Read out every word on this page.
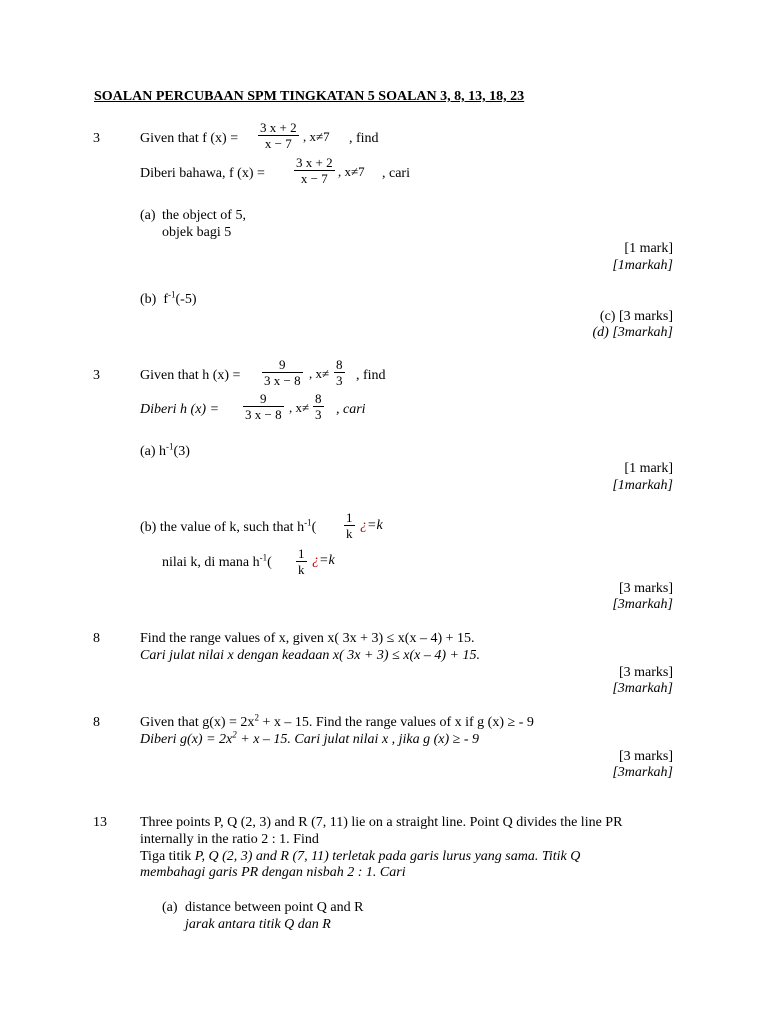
SOALAN PERCUBAAN SPM TINGKATAN 5 SOALAN 3, 8, 13, 18, 23
3	Given that f $(x) = \frac{3 x + 2}{x - 7}$ , x≠7 , find
Diberi bahawa, f $(x) = \frac{3 x + 2}{x - 7}$ , x≠7 , cari
(a) the object of 5,
objek bagi 5
[1 mark]
[1markah]
(b) $f^{-1}(-5)$
(c) [3 marks]
(d) [3markah]
3	Given that h $(x) = \frac{9}{3 x - 8}$ , $x\ne \frac{8}{3}$ , find
Diberi h $(x) = \frac{9}{3 x - 8}$ , $x\ne \frac{8}{3}$ , cari
(a) $h^{-1}(3)$
[1 mark]
[1markah]
(b) the value of k, such that $h^{-1}( \frac{1}{k}$ ¿=k
nilai k, di mana $h^{-1}( \frac{1}{k}$ ¿=k
[3 marks]
[3markah]
8	Find the range values of x, given x( 3x + 3) ≤ x(x – 4) + 15.
Cari julat nilai x dengan keadaan x( 3x + 3) ≤ x(x – 4) + 15.
[3 marks]
[3markah]
8	Given that $g(x) = 2x^2 + x - 15$. Find the range values of x if g (x) ≥ - 9
Diberi $g(x) = 2x^2 + x - 15$. Cari julat nilai x , jika g (x) ≥ - 9
[3 marks]
[3markah]
13 Three points P, Q (2, 3) and R (7, 11) lie on a straight line. Point Q divides the line PR
internally in the ratio 2 : 1. Find
Tiga titik P, Q (2, 3) and R (7, 11) terletak pada garis lurus yang sama. Titik Q
membahagi garis PR dengan nisbah 2 : 1. Cari
(a) distance between point Q and R
jarak antara titik Q dan R
